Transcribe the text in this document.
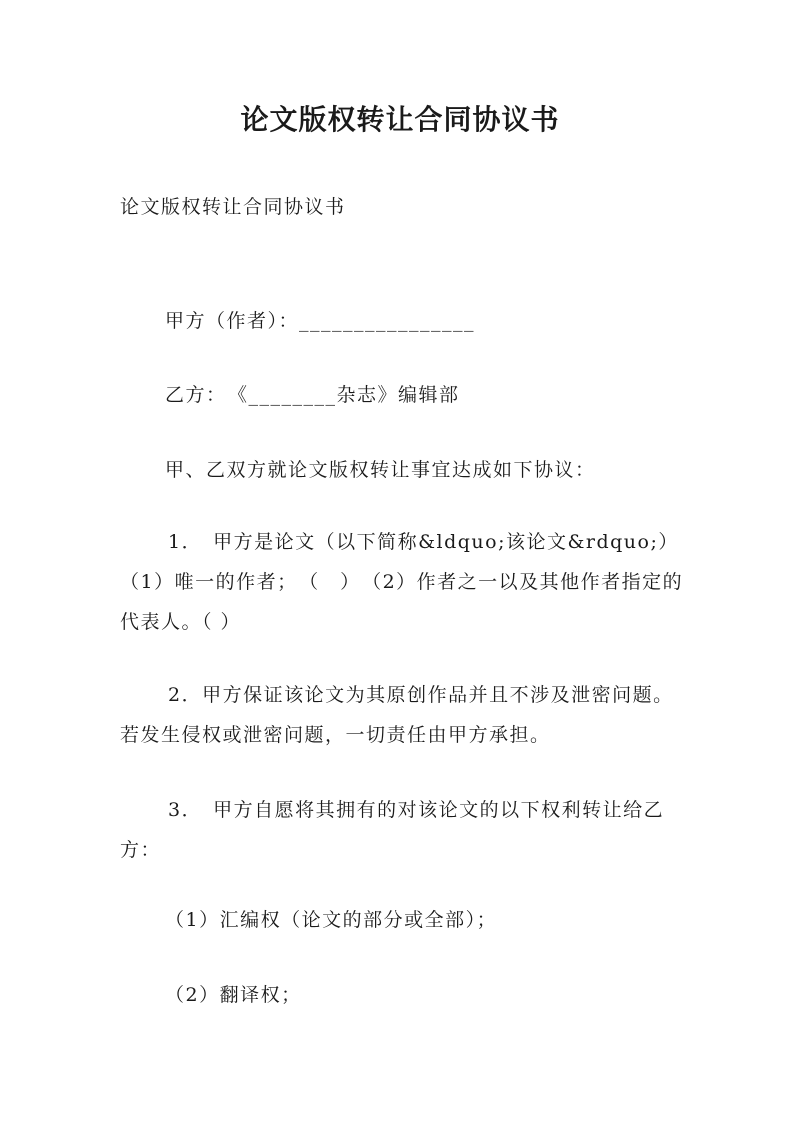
论文版权转让合同协议书
论文版权转让合同协议书
甲方（作者）：________________
乙方：　《________杂志》编辑部
甲、乙双方就论文版权转让事宜达成如下协议：

1．　甲方是论文（以下简称&ldquo;该论文&rdquo;）（1）唯一的作者；　（　）　（2）作者之一以及其他作者指定的代表人。（ ）

2．甲方保证该论文为其原创作品并且不涉及泄密问题。若发生侵权或泄密问题，一切责任由甲方承担。

3．　甲方自愿将其拥有的对该论文的以下权利转让给乙方：

（1）汇编权（论文的部分或全部）；
（2）翻译权；
